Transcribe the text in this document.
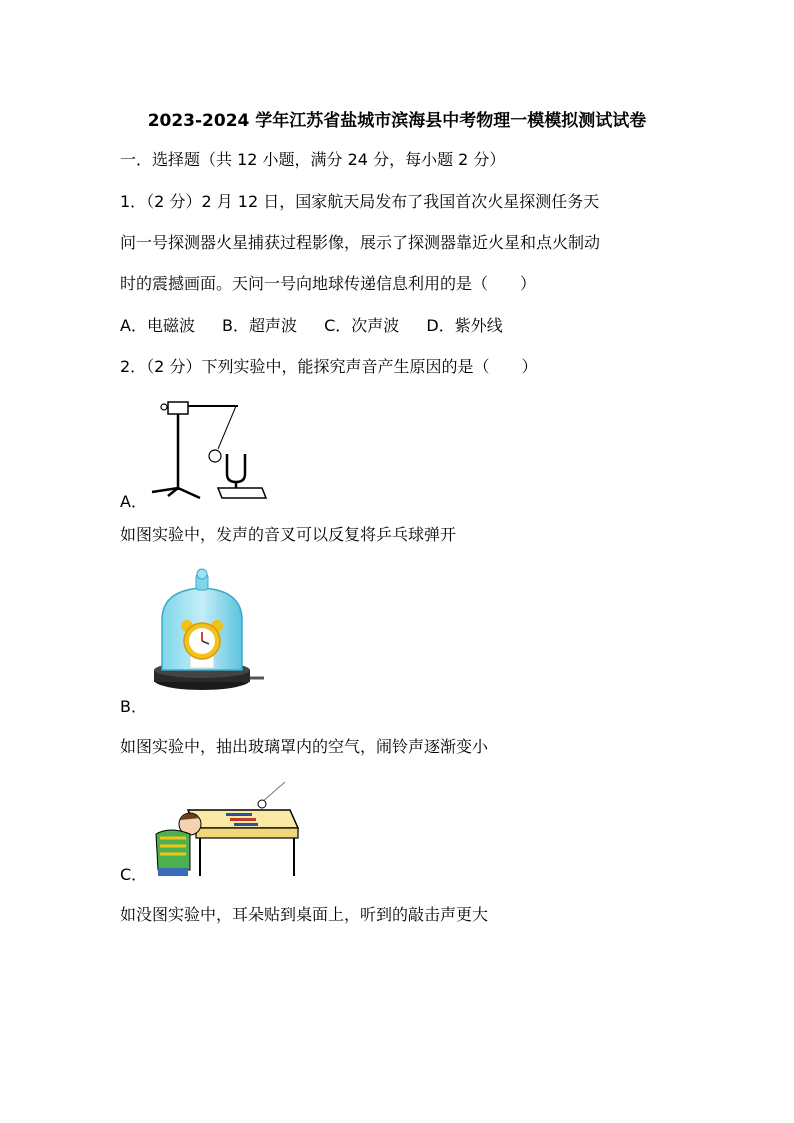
2023-2024 学年江苏省盐城市滨海县中考物理一模模拟测试试卷
一．选择题（共 12 小题，满分 24 分，每小题 2 分）
1．（2 分）2 月 12 日，国家航天局发布了我国首次火星探测任务天
问一号探测器火星捕获过程影像，展示了探测器靠近火星和点火制动
时的震撼画面。天问一号向地球传递信息利用的是（　　）
A．电磁波 B．超声波 C．次声波 D．紫外线
2．（2 分）下列实验中，能探究声音产生原因的是（　　）
A．
如图实验中，发声的音叉可以反复将乒乓球弹开
B．
如图实验中，抽出玻璃罩内的空气，闹铃声逐渐变小
C．
如没图实验中，耳朵贴到桌面上，听到的敲击声更大
